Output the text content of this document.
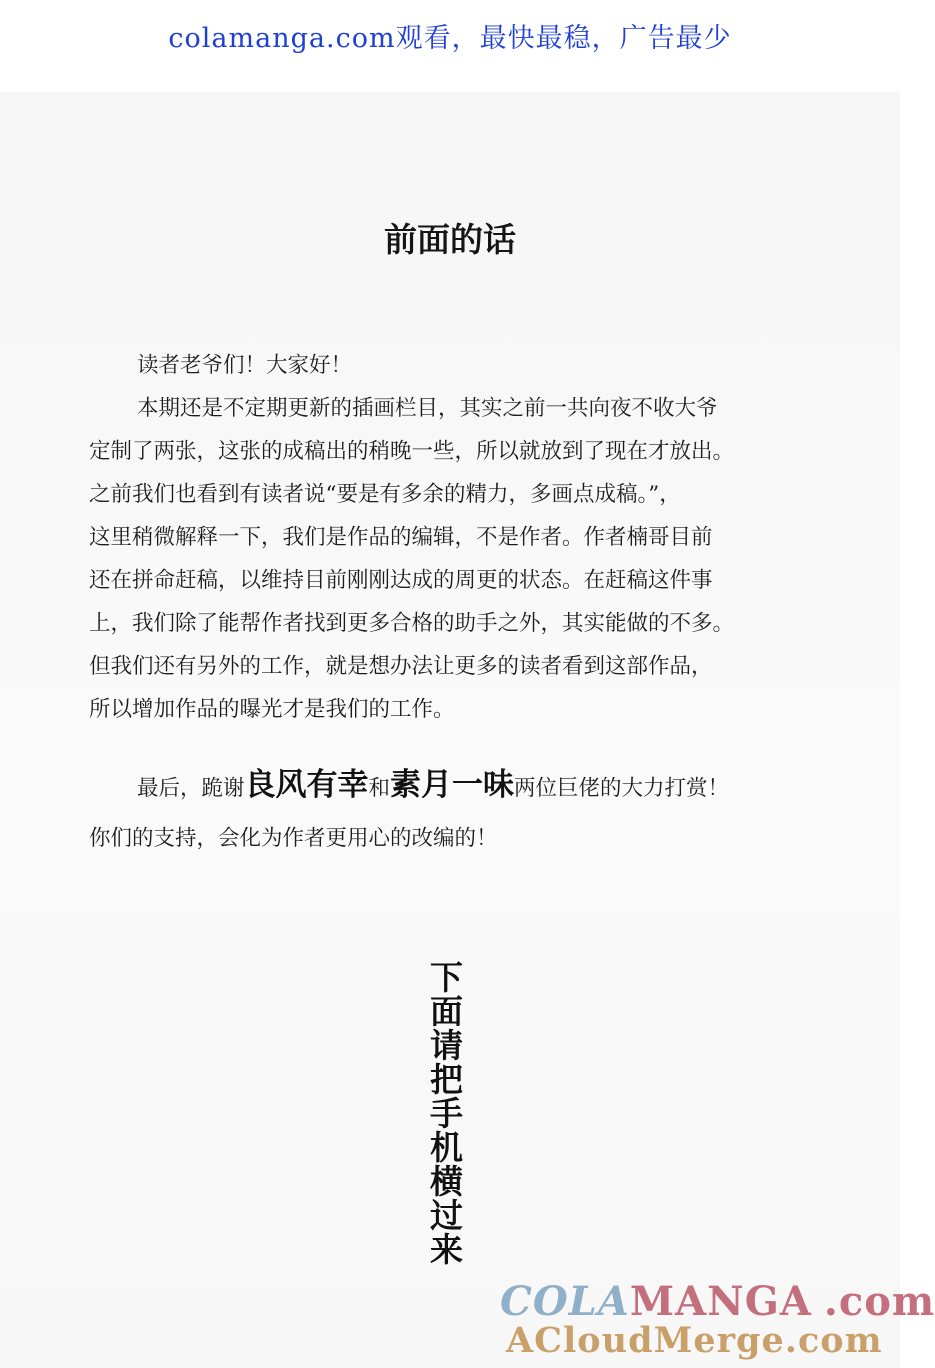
colamanga.com观看，最快最稳，广告最少
前面的话

读者老爷们！大家好！

本期还是不定期更新的插画栏目，其实之前一共向夜不收大爷

定制了两张，这张的成稿出的稍晚一些，所以就放到了现在才放出。

之前我们也看到有读者说“要是有多余的精力，多画点成稿。”，

这里稍微解释一下，我们是作品的编辑，不是作者。作者楠哥目前

还在拼命赶稿，以维持目前刚刚达成的周更的状态。在赶稿这件事

上，我们除了能帮作者找到更多合格的助手之外，其实能做的不多。

但我们还有另外的工作，就是想办法让更多的读者看到这部作品，

所以增加作品的曝光才是我们的工作。

最后，跪谢良风有幸和素月一味两位巨佬的大力打赏！

你们的支持，会化为作者更用心的改编的！

下面请把手机横过来
COLAMANGA .com
ACloudMerge.com
